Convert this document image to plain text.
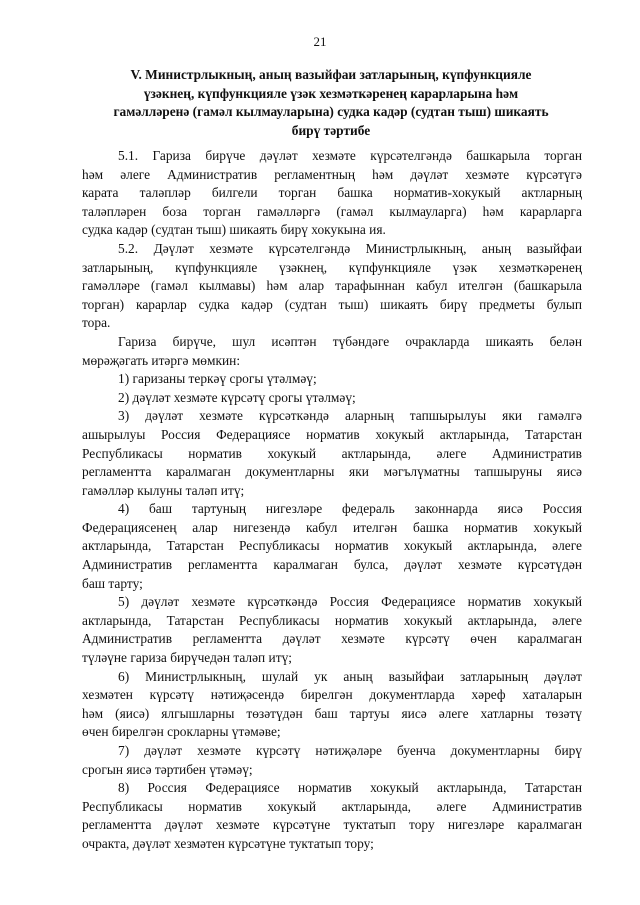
21
V. Министрлыкның, аның вазыйфаи затларының, күпфункцияле
үзәкнең, күпфункцияле үзәк хезмәткәренең карарларына һәм
гамәлләренә (гамәл кылмауларына) судка кадәр (судтан тыш) шикаять
бирү тәртибе
5.1. Гариза бирүче дәүләт хезмәте күрсәтелгәндә башкарыла торган
һәм әлеге Административ регламентның һәм дәүләт хезмәте күрсәтүгә
карата таләпләр билгели торган башка норматив-хокукый актларның
таләпләрен боза торган гамәлләргә (гамәл кылмауларга) һәм карарларга
судка кадәр (судтан тыш) шикаять бирү хокукына ия.
5.2. Дәүләт хезмәте күрсәтелгәндә Министрлыкның, аның вазыйфаи
затларының, күпфункцияле үзәкнең, күпфункцияле үзәк хезмәткәренең
гамәлләре (гамәл кылмавы) һәм алар тарафыннан кабул ителгән (башкарыла
торган) карарлар судка кадәр (судтан тыш) шикаять бирү предметы булып
тора.
Гариза бирүче, шул исәптән түбәндәге очракларда шикаять белән
мөрәҗәгать итәргә мөмкин:
1) гаризаны теркәү срогы үтәлмәү;
2) дәүләт хезмәте күрсәтү срогы үтәлмәү;
3) дәүләт хезмәте күрсәткәндә аларның тапшырылуы яки гамәлгә
ашырылуы Россия Федерациясе норматив хокукый актларында, Татарстан
Республикасы норматив хокукый актларында, әлеге Административ
регламентта каралмаган документларны яки мәгълүматны тапшыруны яисә
гамәлләр кылуны таләп итү;
4) баш тартуның нигезләре федераль законнарда яисә Россия
Федерациясенең алар нигезендә кабул ителгән башка норматив хокукый
актларында, Татарстан Республикасы норматив хокукый актларында, әлеге
Административ регламентта каралмаган булса, дәүләт хезмәте күрсәтүдән
баш тарту;
5) дәүләт хезмәте күрсәткәндә Россия Федерациясе норматив хокукый
актларында, Татарстан Республикасы норматив хокукый актларында, әлеге
Административ регламентта дәүләт хезмәте күрсәтү өчен каралмаган
түләүне гариза бирүчедән таләп итү;
6) Министрлыкның, шулай ук аның вазыйфаи затларының дәүләт
хезмәтен күрсәтү нәтиҗәсендә бирелгән документларда хәреф хаталарын
һәм (яисә) ялгышларны төзәтүдән баш тартуы яисә әлеге хатларны төзәтү
өчен бирелгән срокларны үтәмәве;
7) дәүләт хезмәте күрсәтү нәтиҗәләре буенча документларны бирү
срогын яисә тәртибен үтәмәү;
8) Россия Федерациясе норматив хокукый актларында, Татарстан
Республикасы норматив хокукый актларында, әлеге Административ
регламентта дәүләт хезмәте күрсәтүне туктатып тору нигезләре каралмаган
очракта, дәүләт хезмәтен күрсәтүне туктатып тору;
